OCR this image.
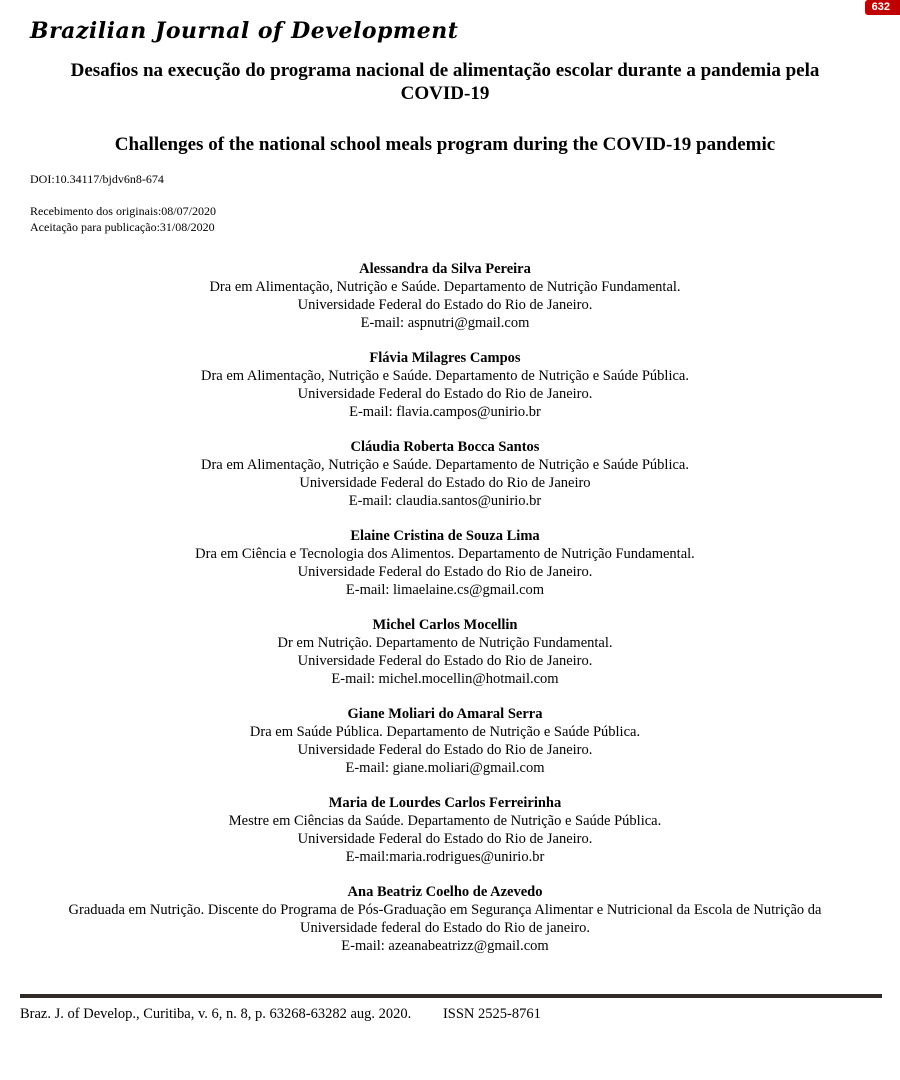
632
Brazilian Journal of Development
Desafios na execução do programa nacional de alimentação escolar durante a pandemia pela COVID-19
Challenges of the national school meals program during the COVID-19 pandemic
DOI:10.34117/bjdv6n8-674
Recebimento dos originais:08/07/2020
Aceitação para publicação:31/08/2020
Alessandra da Silva Pereira
Dra em Alimentação, Nutrição e Saúde. Departamento de Nutrição Fundamental.
Universidade Federal do Estado do Rio de Janeiro.
E-mail: aspnutri@gmail.com
Flávia Milagres Campos
Dra em Alimentação, Nutrição e Saúde. Departamento de Nutrição e Saúde Pública.
Universidade Federal do Estado do Rio de Janeiro.
E-mail: flavia.campos@unirio.br
Cláudia Roberta Bocca Santos
Dra em Alimentação, Nutrição e Saúde. Departamento de Nutrição e Saúde Pública.
Universidade Federal do Estado do Rio de Janeiro
E-mail: claudia.santos@unirio.br
Elaine Cristina de Souza Lima
Dra em Ciência e Tecnologia dos Alimentos. Departamento de Nutrição Fundamental.
Universidade Federal do Estado do Rio de Janeiro.
E-mail: limaelaine.cs@gmail.com
Michel Carlos Mocellin
Dr em Nutrição. Departamento de Nutrição Fundamental.
Universidade Federal do Estado do Rio de Janeiro.
E-mail: michel.mocellin@hotmail.com
Giane Moliari do Amaral Serra
Dra em Saúde Pública. Departamento de Nutrição e Saúde Pública.
Universidade Federal do Estado do Rio de Janeiro.
E-mail: giane.moliari@gmail.com
Maria de Lourdes Carlos Ferreirinha
Mestre em Ciências da Saúde. Departamento de Nutrição e Saúde Pública.
Universidade Federal do Estado do Rio de Janeiro.
E-mail:maria.rodrigues@unirio.br
Ana Beatriz Coelho de Azevedo
Graduada em Nutrição. Discente do Programa de Pós-Graduação em Segurança Alimentar e Nutricional da Escola de Nutrição da Universidade federal do Estado do Rio de janeiro.
E-mail: azeanabeatrizz@gmail.com
Braz. J. of Develop., Curitiba, v. 6, n. 8, p. 63268-63282 aug. 2020. ISSN 2525-8761
